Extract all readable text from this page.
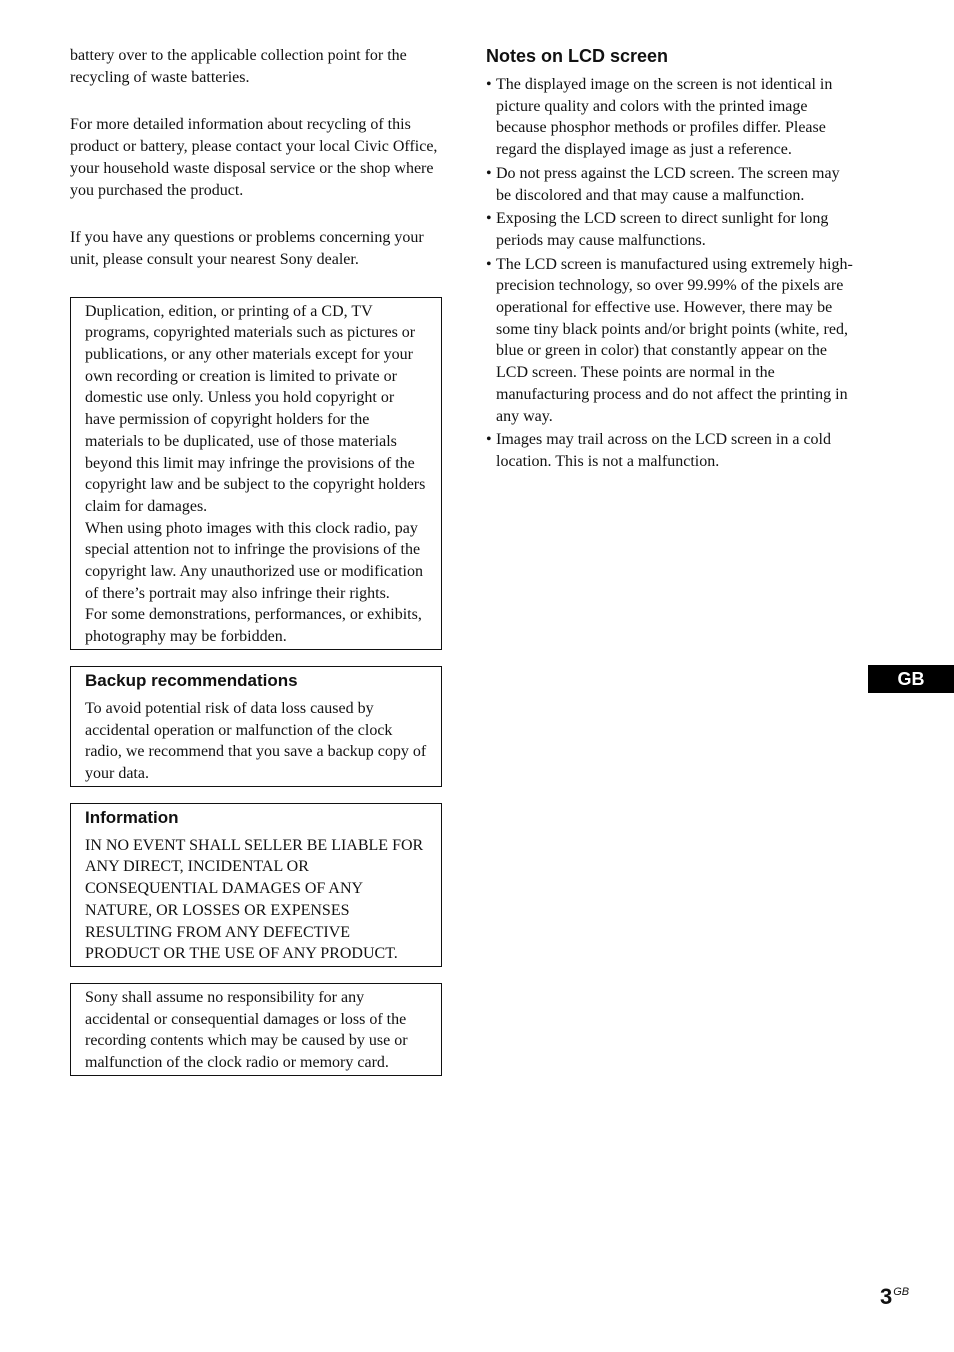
battery over to the applicable collection point for the recycling of waste batteries.

For more detailed information about recycling of this product or battery, please contact your local Civic Office, your household waste disposal service or the shop where you purchased the product.

If you have any questions or problems concerning your unit, please consult your nearest Sony dealer.

Duplication, edition, or printing of a CD, TV programs, copyrighted materials such as pictures or publications, or any other materials except for your own recording or creation is limited to private or domestic use only. Unless you hold copyright or have permission of copyright holders for the materials to be duplicated, use of those materials beyond this limit may infringe the provisions of the copyright law and be subject to the copyright holders claim for damages.

When using photo images with this clock radio, pay special attention not to infringe the provisions of the copyright law. Any unauthorized use or modification of there’s portrait may also infringe their rights.

For some demonstrations, performances, or exhibits, photography may be forbidden.

Backup recommendations

To avoid potential risk of data loss caused by accidental operation or malfunction of the clock radio, we recommend that you save a backup copy of your data.

Information

IN NO EVENT SHALL SELLER BE LIABLE FOR ANY DIRECT, INCIDENTAL OR CONSEQUENTIAL DAMAGES OF ANY NATURE, OR LOSSES OR EXPENSES RESULTING FROM ANY DEFECTIVE PRODUCT OR THE USE OF ANY PRODUCT.

Sony shall assume no responsibility for any accidental or consequential damages or loss of the recording contents which may be caused by use or malfunction of the clock radio or memory card.

Notes on LCD screen
• The displayed image on the screen is not identical in picture quality and colors with the printed image because phosphor methods or profiles differ. Please regard the displayed image as just a reference.
• Do not press against the LCD screen. The screen may be discolored and that may cause a malfunction.
• Exposing the LCD screen to direct sunlight for long periods may cause malfunctions.
• The LCD screen is manufactured using extremely high-precision technology, so over 99.99% of the pixels are operational for effective use. However, there may be some tiny black points and/or bright points (white, red, blue or green in color) that constantly appear on the LCD screen. These points are normal in the manufacturing process and do not affect the printing in any way.
• Images may trail across on the LCD screen in a cold location. This is not a malfunction.
GB
$3^{GB}$
